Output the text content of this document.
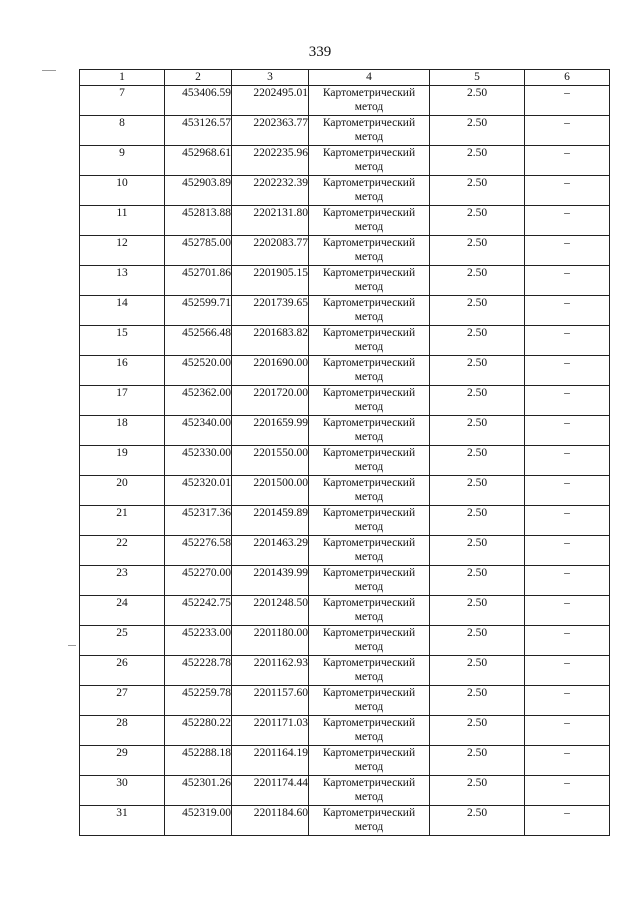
339
1	2	3	4	5	6
7	453406.59	2202495.01	Картометрический метод	2.50	–
8	453126.57	2202363.77	Картометрический метод	2.50	–
9	452968.61	2202235.96	Картометрический метод	2.50	–
10	452903.89	2202232.39	Картометрический метод	2.50	–
11	452813.88	2202131.80	Картометрический метод	2.50	–
12	452785.00	2202083.77	Картометрический метод	2.50	–
13	452701.86	2201905.15	Картометрический метод	2.50	–
14	452599.71	2201739.65	Картометрический метод	2.50	–
15	452566.48	2201683.82	Картометрический метод	2.50	–
16	452520.00	2201690.00	Картометрический метод	2.50	–
17	452362.00	2201720.00	Картометрический метод	2.50	–
18	452340.00	2201659.99	Картометрический метод	2.50	–
19	452330.00	2201550.00	Картометрический метод	2.50	–
20	452320.01	2201500.00	Картометрический метод	2.50	–
21	452317.36	2201459.89	Картометрический метод	2.50	–
22	452276.58	2201463.29	Картометрический метод	2.50	–
23	452270.00	2201439.99	Картометрический метод	2.50	–
24	452242.75	2201248.50	Картометрический метод	2.50	–
25	452233.00	2201180.00	Картометрический метод	2.50	–
26	452228.78	2201162.93	Картометрический метод	2.50	–
27	452259.78	2201157.60	Картометрический метод	2.50	–
28	452280.22	2201171.03	Картометрический метод	2.50	–
29	452288.18	2201164.19	Картометрический метод	2.50	–
30	452301.26	2201174.44	Картометрический метод	2.50	–
31	452319.00	2201184.60	Картометрический метод	2.50	–
